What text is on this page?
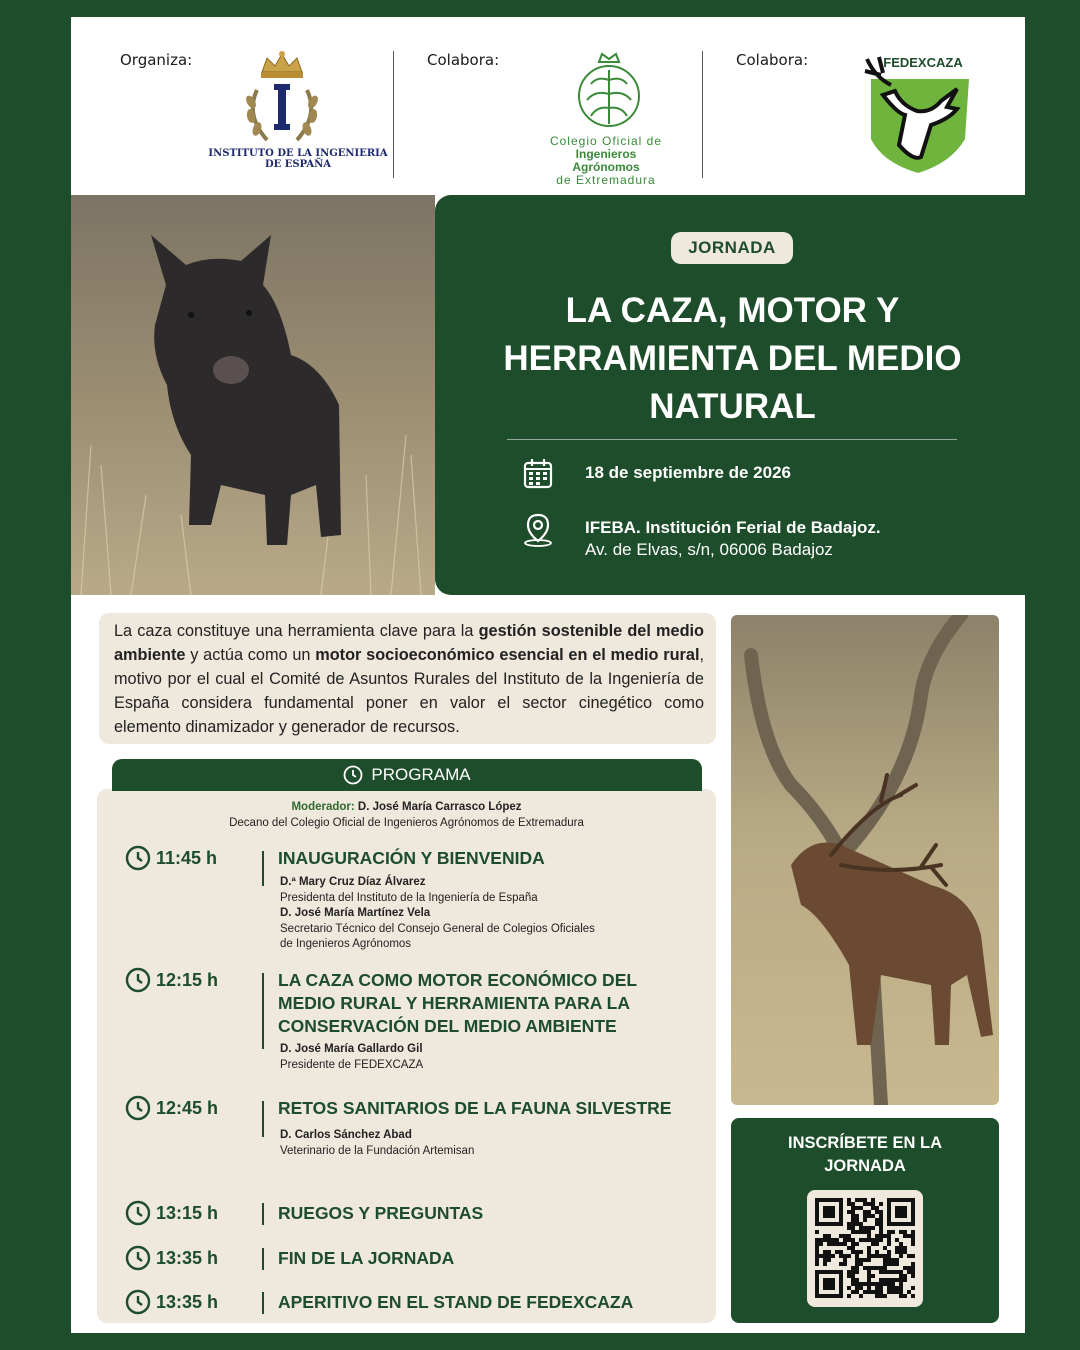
Organiza:
INSTITUTO DE LA INGENIERIA
DE ESPAÑA
Colabora:
Colegio Oficial de
Ingenieros Agrónomos
de Extremadura
Colabora:	FEDEXCAZA
JORNADA
LA CAZA, MOTOR Y
HERRAMIENTA DEL MEDIO
NATURAL
18 de septiembre de 2026
IFEBA. Institución Ferial de Badajoz.
Av. de Elvas, s/n, 06006 Badajoz

La caza constituye una herramienta clave para la gestión sostenible del medio ambiente y actúa como un motor socioeconómico esencial en el medio rural, motivo por el cual el Comité de Asuntos Rurales del Instituto de la Ingeniería de España considera fundamental poner en valor el sector cinegético como elemento dinamizador y generador de recursos.

Moderador: D. José María Carrasco López
Decano del Colegio Oficial de Ingenieros Agrónomos de Extremadura
11:45 h	INAUGURACIÓN Y BIENVENIDA
D.ª Mary Cruz Díaz Álvarez
Presidenta del Instituto de la Ingeniería de España
D. José María Martínez Vela
Secretario Técnico del Consejo General de Colegios Oficiales
de Ingenieros Agrónomos
12:15 h	LA CAZA COMO MOTOR ECONÓMICO DEL
MEDIO RURAL Y HERRAMIENTA PARA LA
CONSERVACIÓN DEL MEDIO AMBIENTE
D. José María Gallardo Gil
Presidente de FEDEXCAZA
12:45 h	RETOS SANITARIOS DE LA FAUNA SILVESTRE
D. Carlos Sánchez Abad
Veterinario de la Fundación Artemisan
13:15 h	RUEGOS Y PREGUNTAS
13:35 h	FIN DE LA JORNADA
13:35 h	APERITIVO EN EL STAND DE FEDEXCAZA
PROGRAMA
INSCRÍBETE EN LA
JORNADA
